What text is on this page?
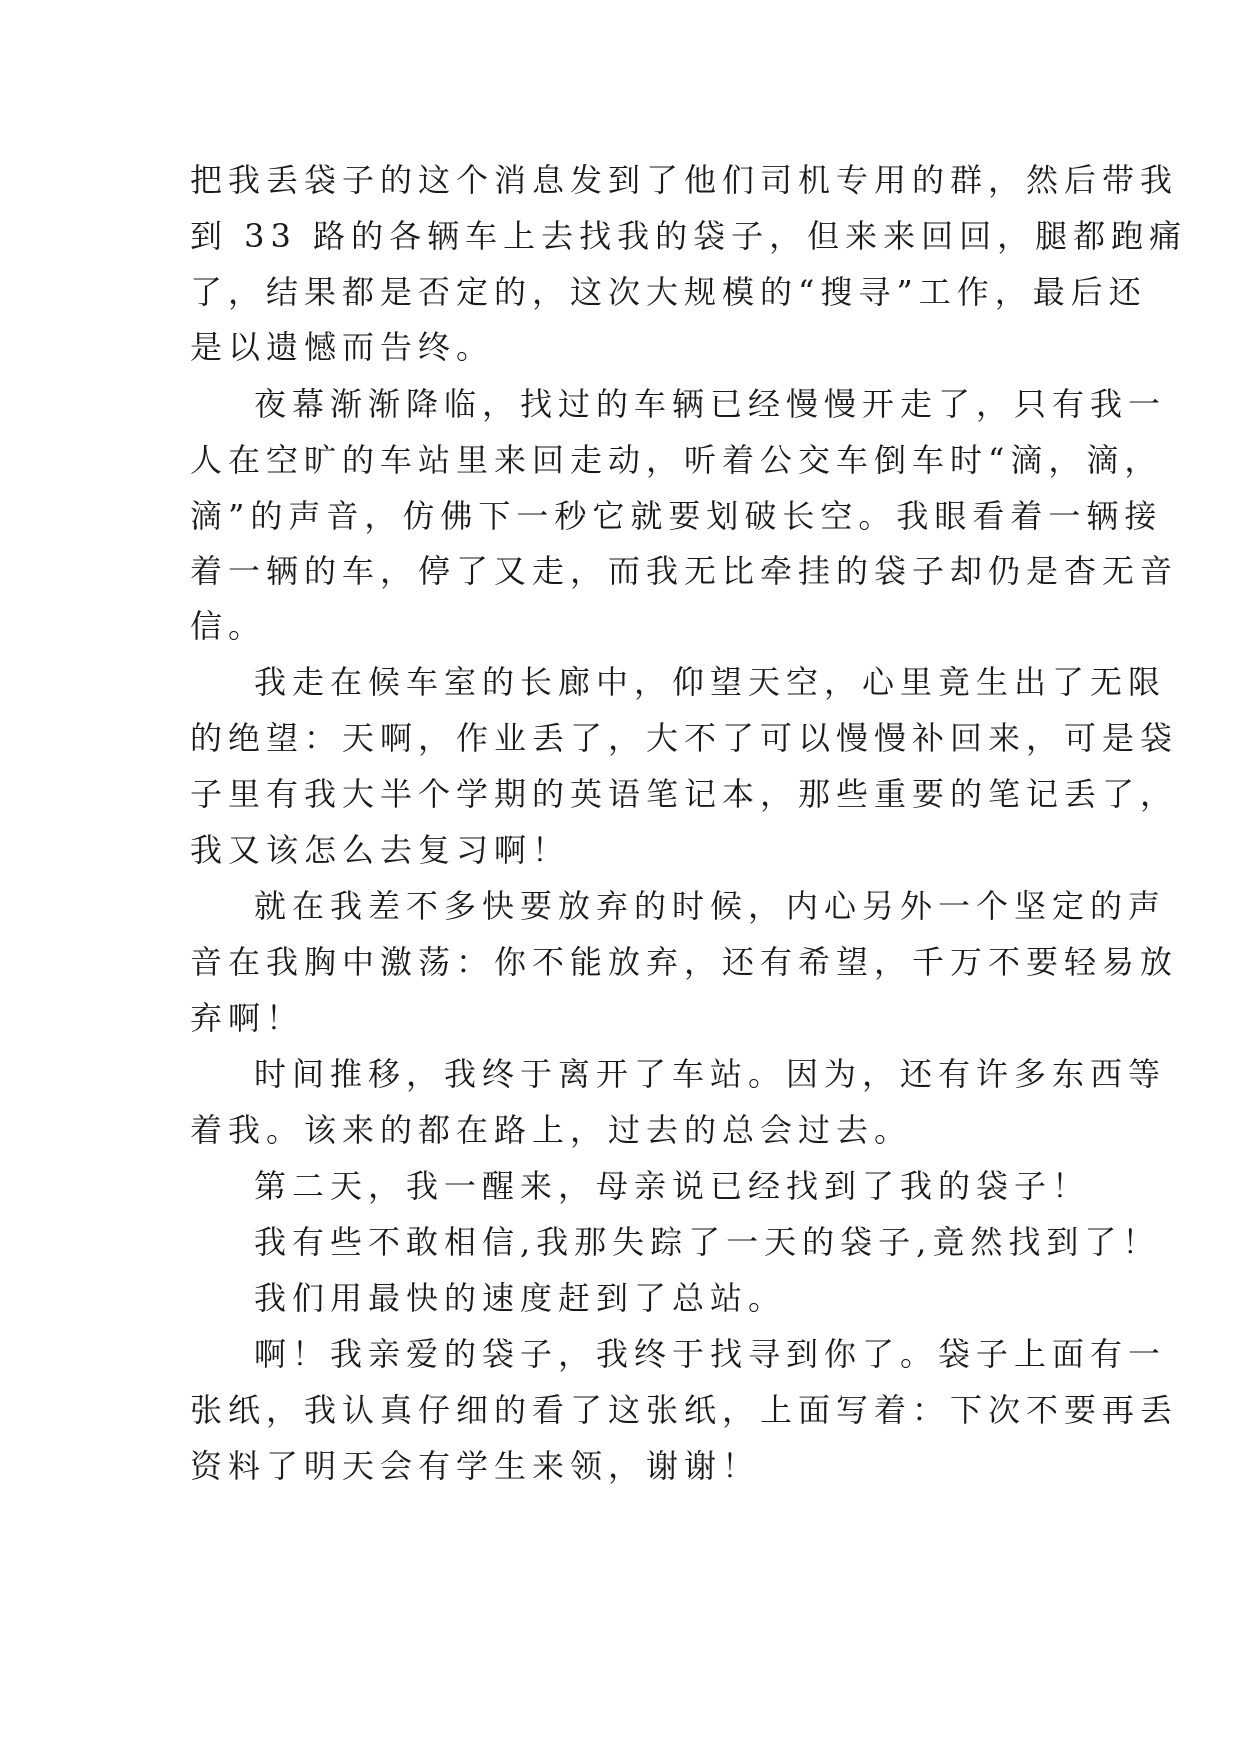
把我丢袋子的这个消息发到了他们司机专用的群，然后带我
到 33 路的各辆车上去找我的袋子，但来来回回，腿都跑痛
了，结果都是否定的，这次大规模的“搜寻”工作，最后还
是以遗憾而告终。
夜幕渐渐降临，找过的车辆已经慢慢开走了，只有我一
人在空旷的车站里来回走动，听着公交车倒车时“滴，滴，
滴”的声音，仿佛下一秒它就要划破长空。我眼看着一辆接
着一辆的车，停了又走，而我无比牵挂的袋子却仍是杳无音
信。
我走在候车室的长廊中，仰望天空，心里竟生出了无限
的绝望：天啊，作业丢了，大不了可以慢慢补回来，可是袋
子里有我大半个学期的英语笔记本，那些重要的笔记丢了，
我又该怎么去复习啊！
就在我差不多快要放弃的时候，内心另外一个坚定的声
音在我胸中激荡：你不能放弃，还有希望，千万不要轻易放
弃啊！
时间推移，我终于离开了车站。因为，还有许多东西等
着我。该来的都在路上，过去的总会过去。
第二天，我一醒来，母亲说已经找到了我的袋子！
我有些不敢相信,我那失踪了一天的袋子,竟然找到了！
我们用最快的速度赶到了总站。
啊！我亲爱的袋子，我终于找寻到你了。袋子上面有一
张纸，我认真仔细的看了这张纸，上面写着：下次不要再丢
资料了明天会有学生来领，谢谢！
